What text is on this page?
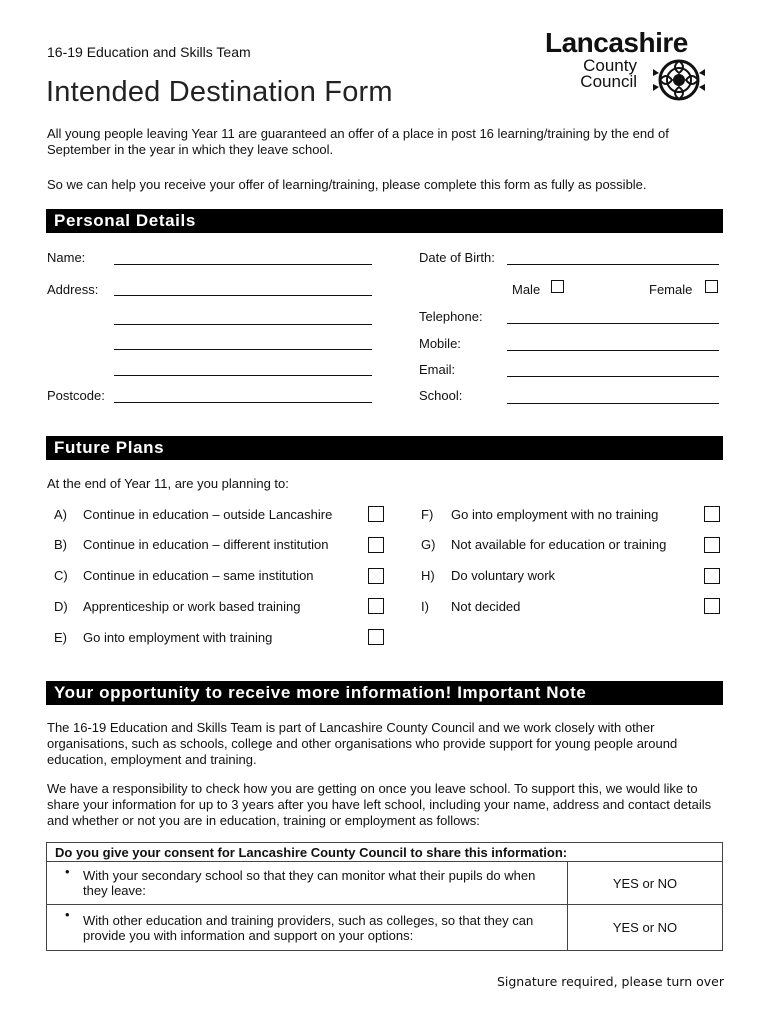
16-19 Education and Skills Team
Intended Destination Form
Lancashire
County
Council
All young people leaving Year 11 are guaranteed an offer of a place in post 16 learning/training by the end of September in the year in which they leave school.
So we can help you receive your offer of learning/training, please complete this form as fully as possible.
Personal Details
Name:	Date of Birth:
Address:	Male	Female
Telephone:
Mobile:
Email:
Postcode:	School:
Future Plans
At the end of Year 11, are you planning to:
A) Continue in education – outside Lancashire
B) Continue in education – different institution
C) Continue in education – same institution
D) Apprenticeship or work based training
E) Go into employment with training
F) Go into employment with no training
G) Not available for education or training
H) Do voluntary work
I) Not decided
Your opportunity to receive more information! Important Note
The 16-19 Education and Skills Team is part of Lancashire County Council and we work closely with other organisations, such as schools, college and other organisations who provide support for young people around education, employment and training.
We have a responsibility to check how you are getting on once you leave school. To support this, we would like to share your information for up to 3 years after you have left school, including your name, address and contact details and whether or not you are in education, training or employment as follows:
Do you give your consent for Lancashire County Council to share this information:	

• With your secondary school so that they can monitor what their pupils do when they leave:	YES or NO

• With other education and training providers, such as colleges, so that they can provide you with information and support on your options:	YES or NO
Signature required, please turn over
